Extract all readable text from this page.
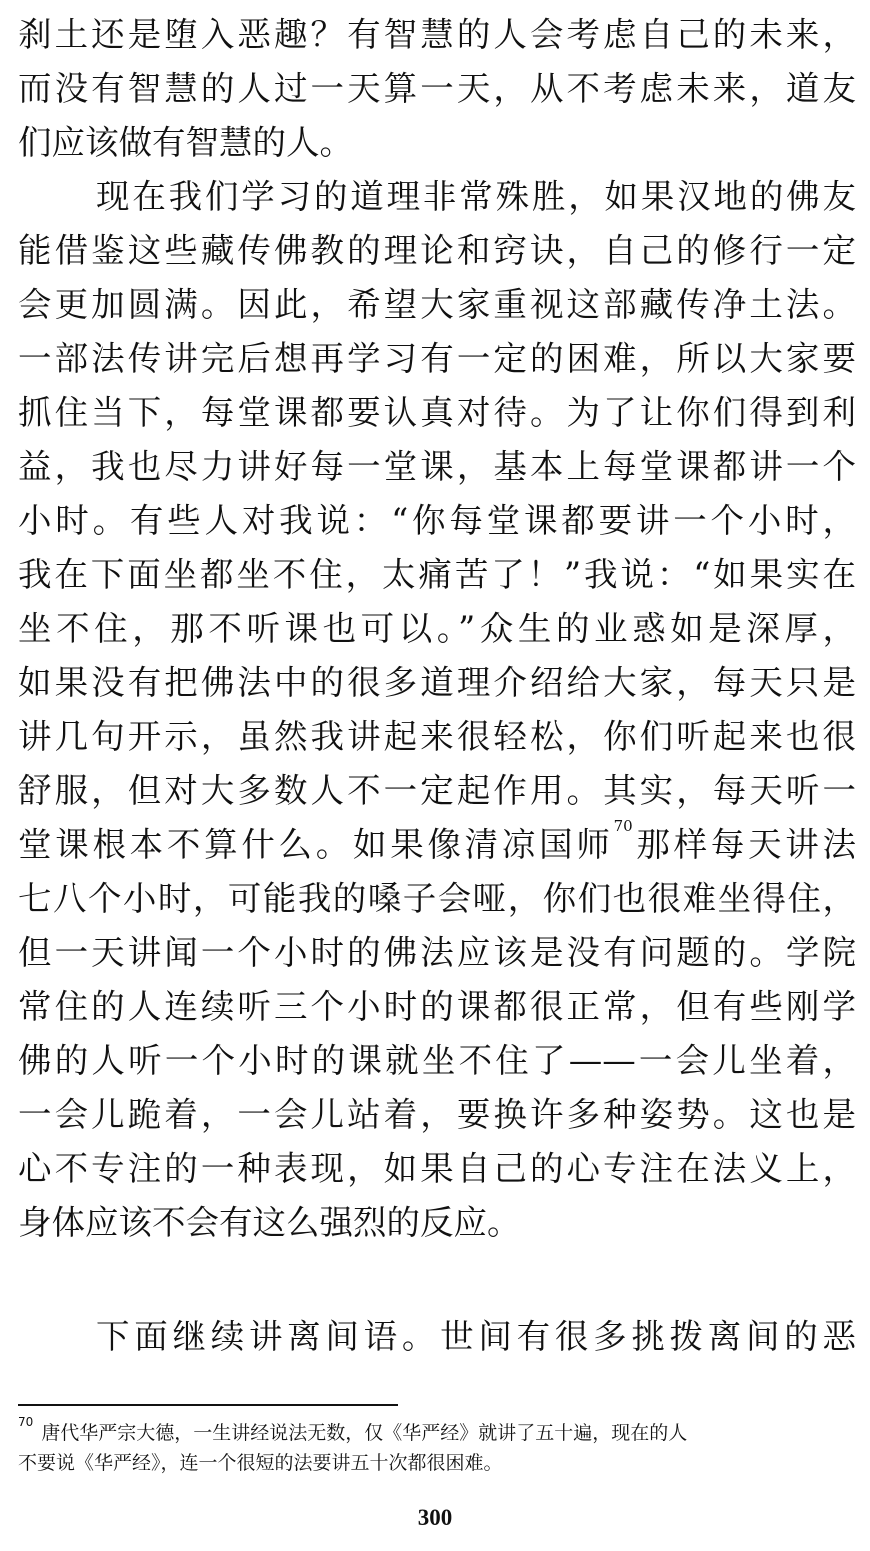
刹土还是堕入恶趣？有智慧的人会考虑自己的未来，
而没有智慧的人过一天算一天，从不考虑未来，道友
们应该做有智慧的人。
现在我们学习的道理非常殊胜，如果汉地的佛友
能借鉴这些藏传佛教的理论和窍诀，自己的修行一定
会更加圆满。因此，希望大家重视这部藏传净土法。
一部法传讲完后想再学习有一定的困难，所以大家要
抓住当下，每堂课都要认真对待。为了让你们得到利
益，我也尽力讲好每一堂课，基本上每堂课都讲一个
小时。有些人对我说：“你每堂课都要讲一个小时，
我在下面坐都坐不住，太痛苦了！”我说：“如果实在
坐不住，那不听课也可以。”众生的业惑如是深厚，
如果没有把佛法中的很多道理介绍给大家，每天只是
讲几句开示，虽然我讲起来很轻松，你们听起来也很
舒服，但对大多数人不一定起作用。其实，每天听一
堂课根本不算什么。如果像清凉国师$^{70}$那样每天讲法
七八个小时，可能我的嗓子会哑，你们也很难坐得住，
但一天讲闻一个小时的佛法应该是没有问题的。学院
常住的人连续听三个小时的课都很正常，但有些刚学
佛的人听一个小时的课就坐不住了——一会儿坐着，
一会儿跪着，一会儿站着，要换许多种姿势。这也是
心不专注的一种表现，如果自己的心专注在法义上，
身体应该不会有这么强烈的反应。
下面继续讲离间语。世间有很多挑拨离间的恶
$^{70}$ 唐代华严宗大德，一生讲经说法无数，仅《华严经》就讲了五十遍，现在的人
不要说《华严经》，连一个很短的法要讲五十次都很困难。
300
